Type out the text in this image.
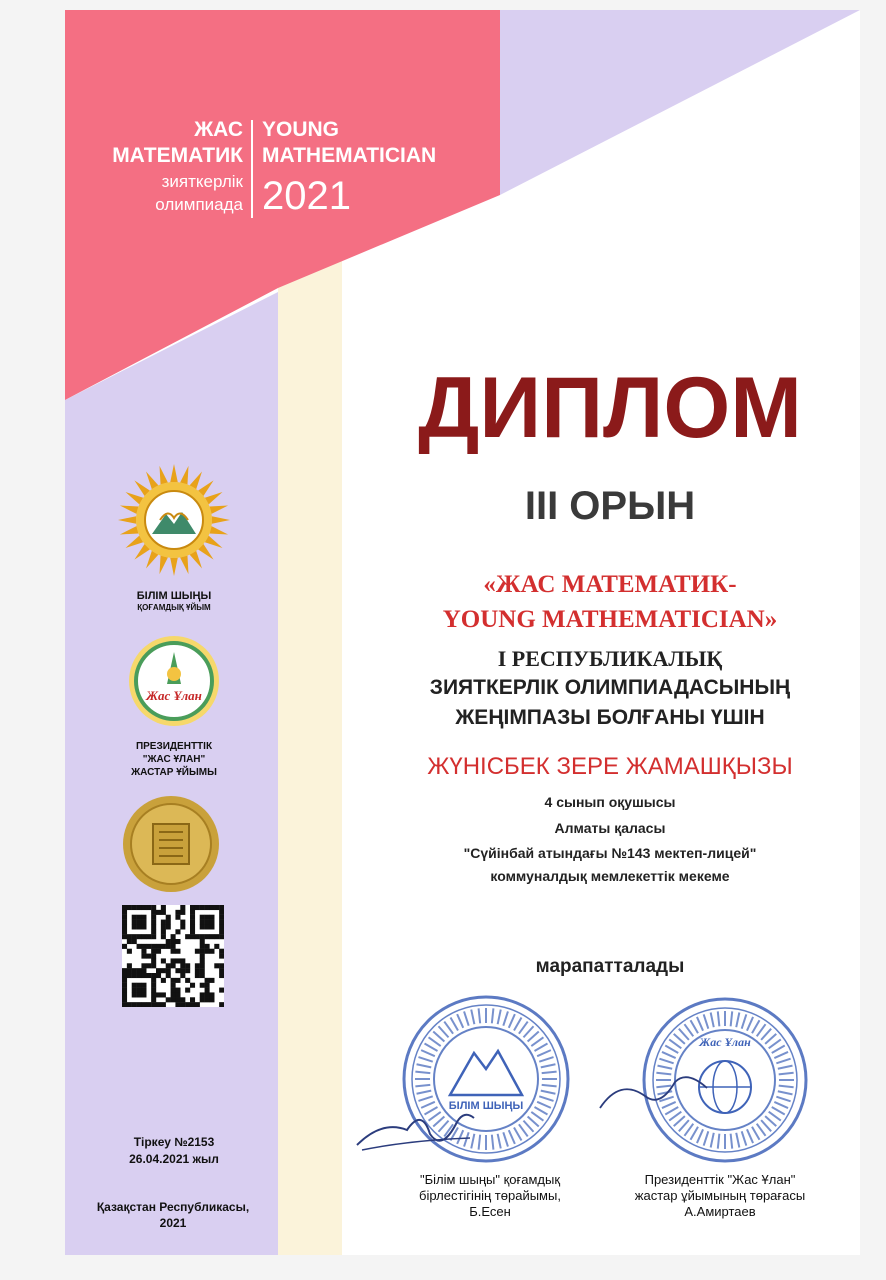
ЖАС
МАТЕМАТИК
зияткерлік
олимпиада
YOUNG
MATHEMATICIAN
2021
ДИПЛОМ
III ОРЫН
«ЖАС МАТЕМАТИК-
YOUNG MATHEMATICIAN»
І РЕСПУБЛИКАЛЫҚ
ЗИЯТКЕРЛІК ОЛИМПИАДАСЫНЫҢ
ЖЕҢІМПАЗЫ БОЛҒАНЫ ҮШІН
ЖҮНІСБЕК ЗЕРЕ ЖАМАШҚЫЗЫ
4 сынып оқушысы
Алматы қаласы
"Сүйінбай атындағы №143 мектеп-лицей"
коммуналдық мемлекеттік мекеме
марапатталады
БІЛІМ ШЫҢЫ
ҚОҒАМДЫҚ ҰЙЫМ
Жас Ұлан
ПРЕЗИДЕНТТІК
"ЖАС ҰЛАН"
ЖАСТАР ҰЙЫМЫ
Тіркеу №2153
26.04.2021 жыл
Қазақстан Республикасы,
2021
БІЛІМ ШЫҢЫ
Жас Ұлан
"Білім шыңы" қоғамдық
бірлестігінің төрайымы,
Б.Есен
Президенттік "Жас Ұлан"
жастар ұйымының төрағасы
А.Амиртаев
